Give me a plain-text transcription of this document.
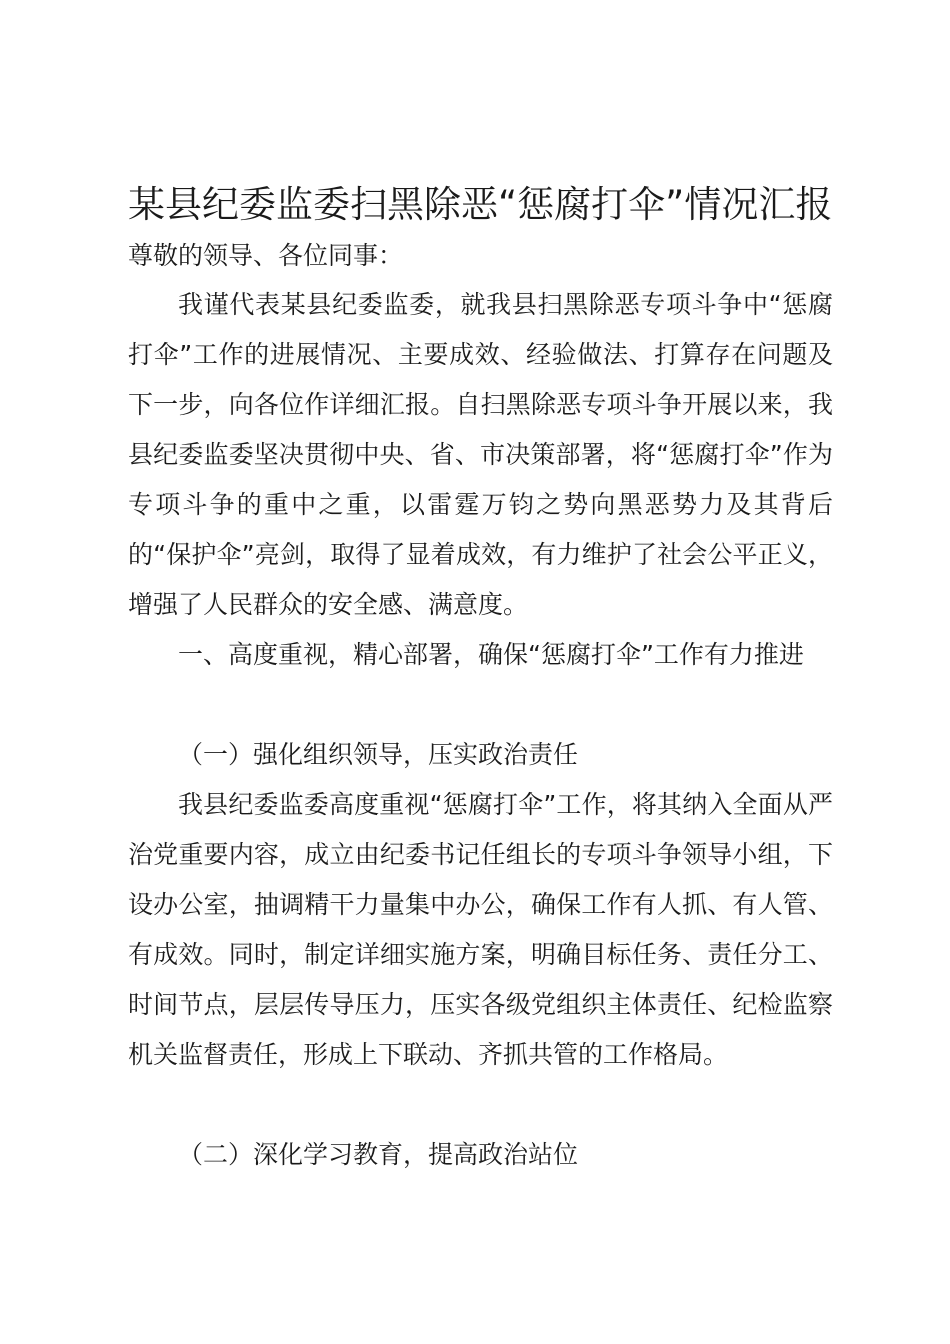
某县纪委监委扫黑除恶“惩腐打伞”情况汇报

尊敬的领导、各位同事：

我谨代表某县纪委监委，就我县扫黑除恶专项斗争中“惩腐打伞”工作的进展情况、主要成效、经验做法、打算存在问题及下一步，向各位作详细汇报。自扫黑除恶专项斗争开展以来，我县纪委监委坚决贯彻中央、省、市决策部署，将“惩腐打伞”作为专项斗争的重中之重，以雷霆万钧之势向黑恶势力及其背后的“保护伞”亮剑，取得了显着成效，有力维护了社会公平正义，增强了人民群众的安全感、满意度。

一、高度重视，精心部署，确保“惩腐打伞”工作有力推进

（一）强化组织领导，压实政治责任

我县纪委监委高度重视“惩腐打伞”工作，将其纳入全面从严治党重要内容，成立由纪委书记任组长的专项斗争领导小组，下设办公室，抽调精干力量集中办公，确保工作有人抓、有人管、有成效。同时，制定详细实施方案，明确目标任务、责任分工、时间节点，层层传导压力，压实各级党组织主体责任、纪检监察机关监督责任，形成上下联动、齐抓共管的工作格局。

（二）深化学习教育，提高政治站位
